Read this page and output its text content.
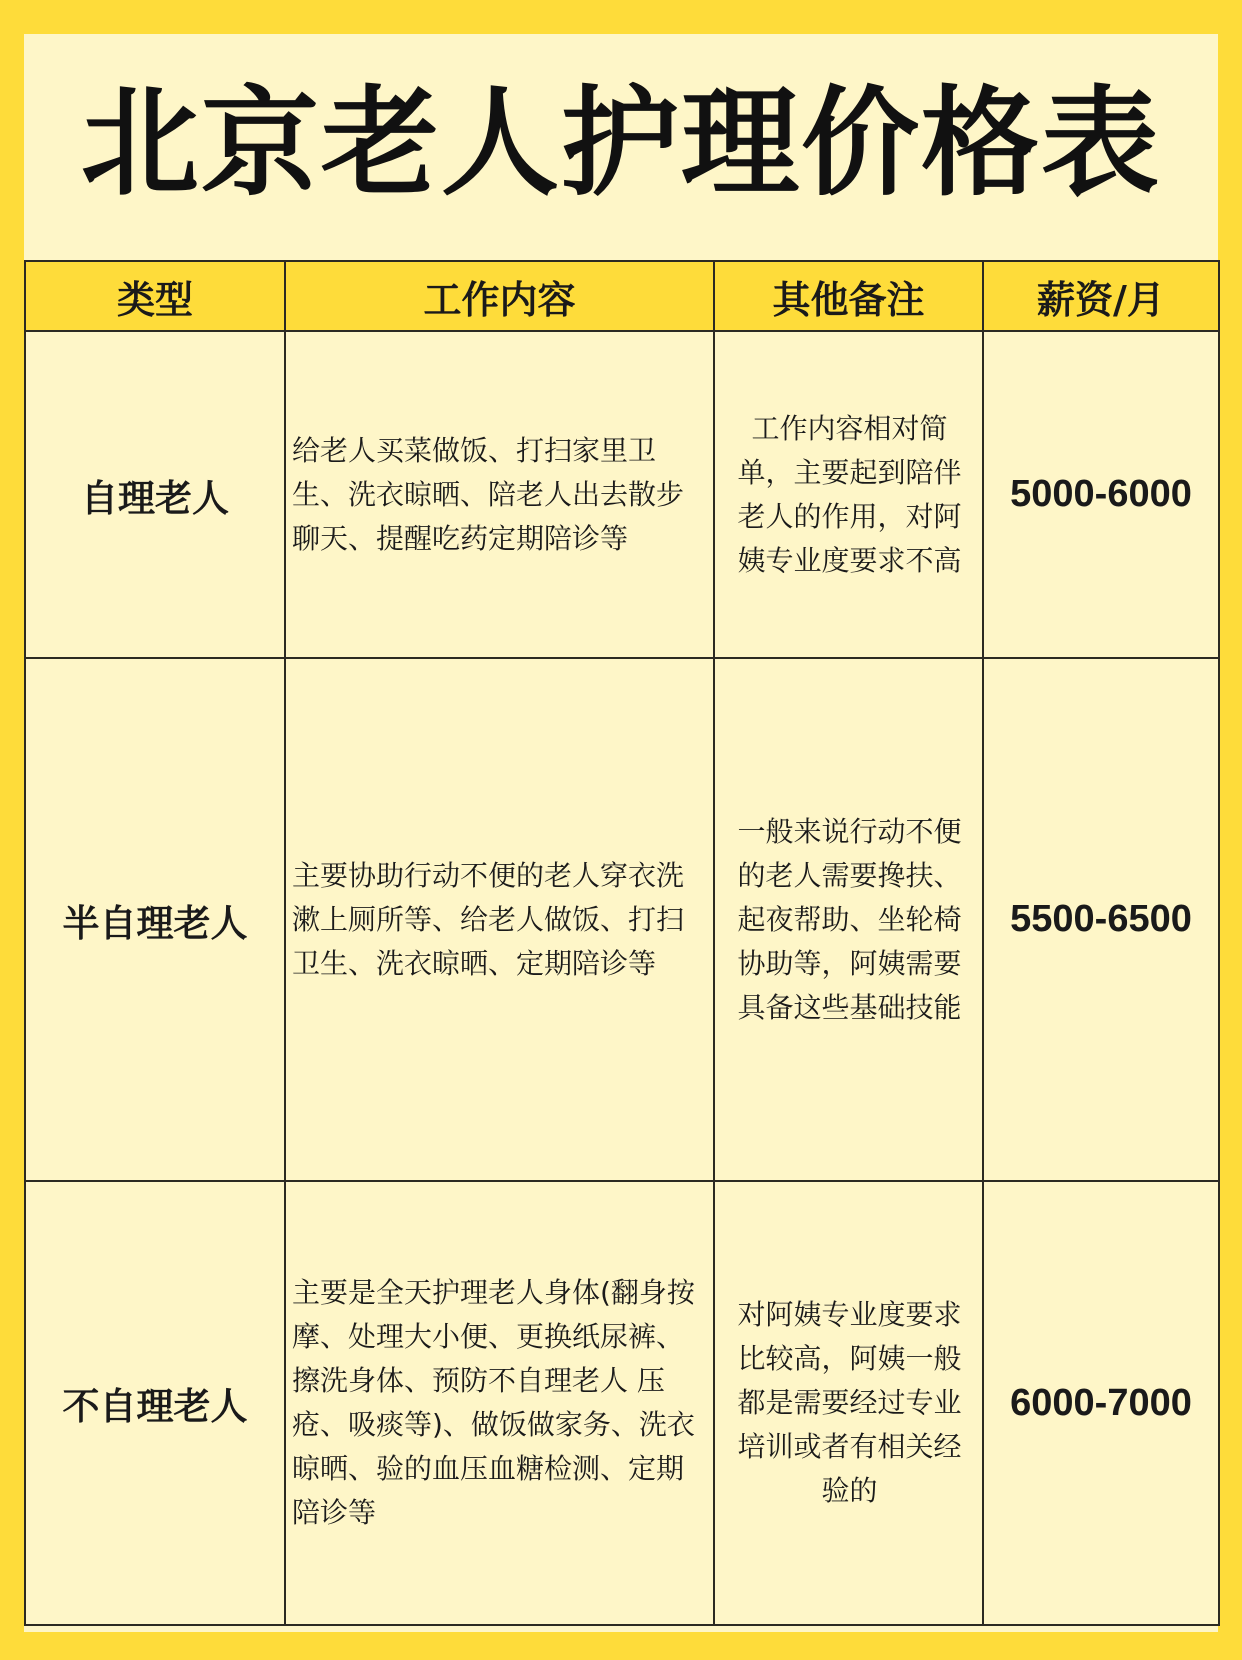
北京老人护理价格表
类型	工作内容	其他备注	薪资/月
自理老人	给老人买菜做饭、打扫家里卫生、洗衣晾晒、陪老人出去散步聊天、提醒吃药定期陪诊等	工作内容相对简单，主要起到陪伴老人的作用，对阿姨专业度要求不高	5000-6000
半自理老人	主要协助行动不便的老人穿衣洗漱上厕所等、给老人做饭、打扫卫生、洗衣晾晒、定期陪诊等	一般来说行动不便的老人需要搀扶、起夜帮助、坐轮椅协助等，阿姨需要具备这些基础技能	5500-6500
不自理老人	主要是全天护理老人身体(翻身按摩、处理大小便、更换纸尿裤、擦洗身体、预防不自理老人 压疮、吸痰等)、做饭做家务、洗衣晾晒、验的血压血糖检测、定期陪诊等	对阿姨专业度要求比较高，阿姨一般都是需要经过专业培训或者有相关经验的	6000-7000
